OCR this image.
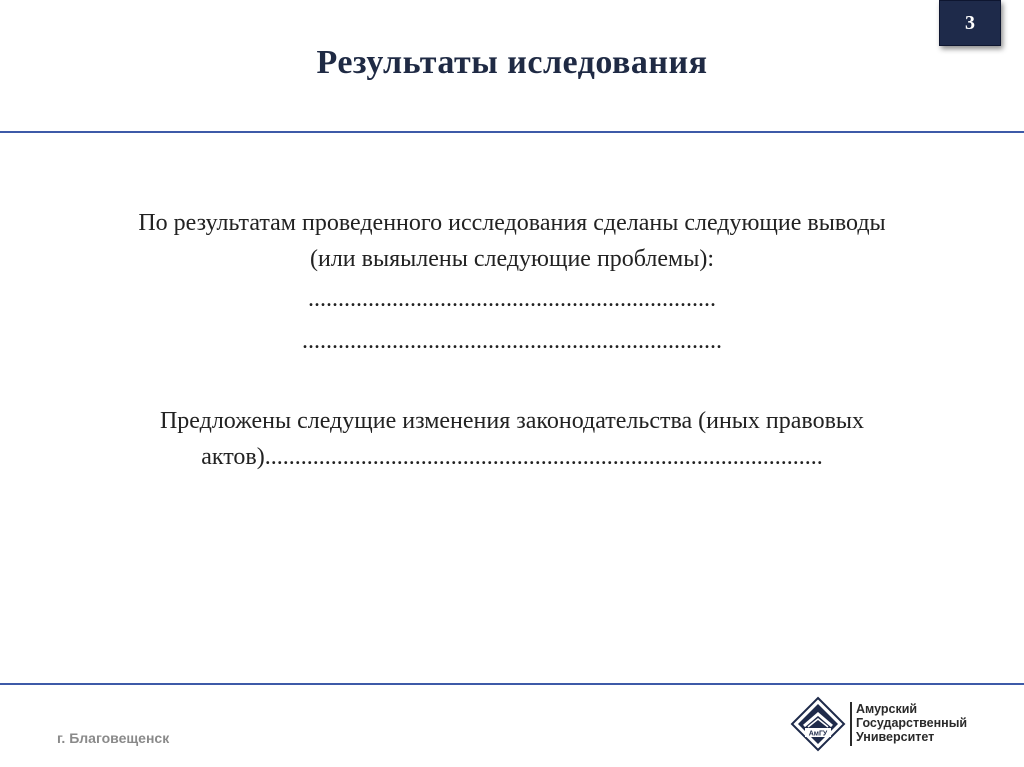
3
Результаты иследования
По результатам проведенного исследования сделаны следующие выводы
(или выяылены следующие проблемы):
....................................................................
......................................................................
Предложены следущие изменения законодательства (иных правовых
актов).............................................................................................
г. Благовещенск	АмГУ
Амурский
Государственный
Университет
